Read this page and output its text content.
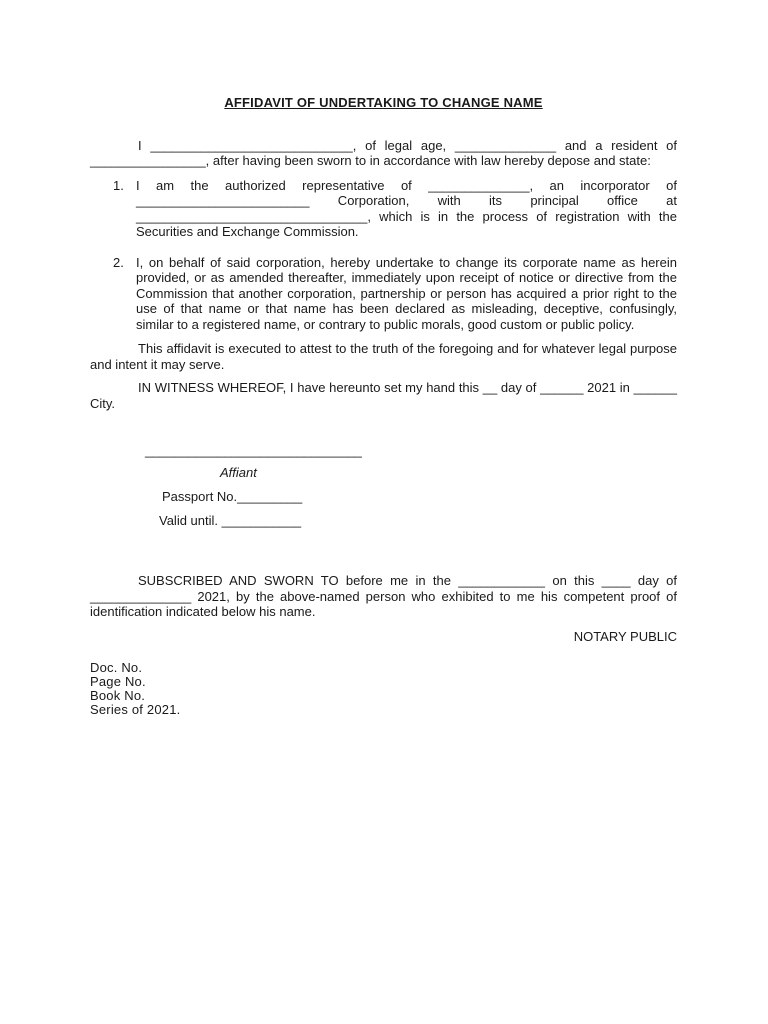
AFFIDAVIT OF UNDERTAKING TO CHANGE NAME

I ____________________________, of legal age, ______________ and a resident of ________________, after having been sworn to in accordance with law hereby depose and state:

1. I am the authorized representative of ______________, an incorporator of ________________________ Corporation, with its principal office at ________________________________, which is in the process of registration with the Securities and Exchange Commission.
2. I, on behalf of said corporation, hereby undertake to change its corporate name as herein provided, or as amended thereafter, immediately upon receipt of notice or directive from the Commission that another corporation, partnership or person has acquired a prior right to the use of that name or that name has been declared as misleading, deceptive, confusingly, similar to a registered name, or contrary to public morals, good custom or public policy.

This affidavit is executed to attest to the truth of the foregoing and for whatever legal purpose and intent it may serve.

IN WITNESS WHEREOF, I have hereunto set my hand this __ day of ______ 2021 in ______ City.

______________________________
Affiant
Passport No._________
Valid until. ___________

SUBSCRIBED AND SWORN TO before me in the ____________ on this ____ day of ______________ 2021, by the above-named person who exhibited to me his competent proof of identification indicated below his name.

NOTARY PUBLIC
Doc. No.
Page No.
Book No.
Series of 2021.
